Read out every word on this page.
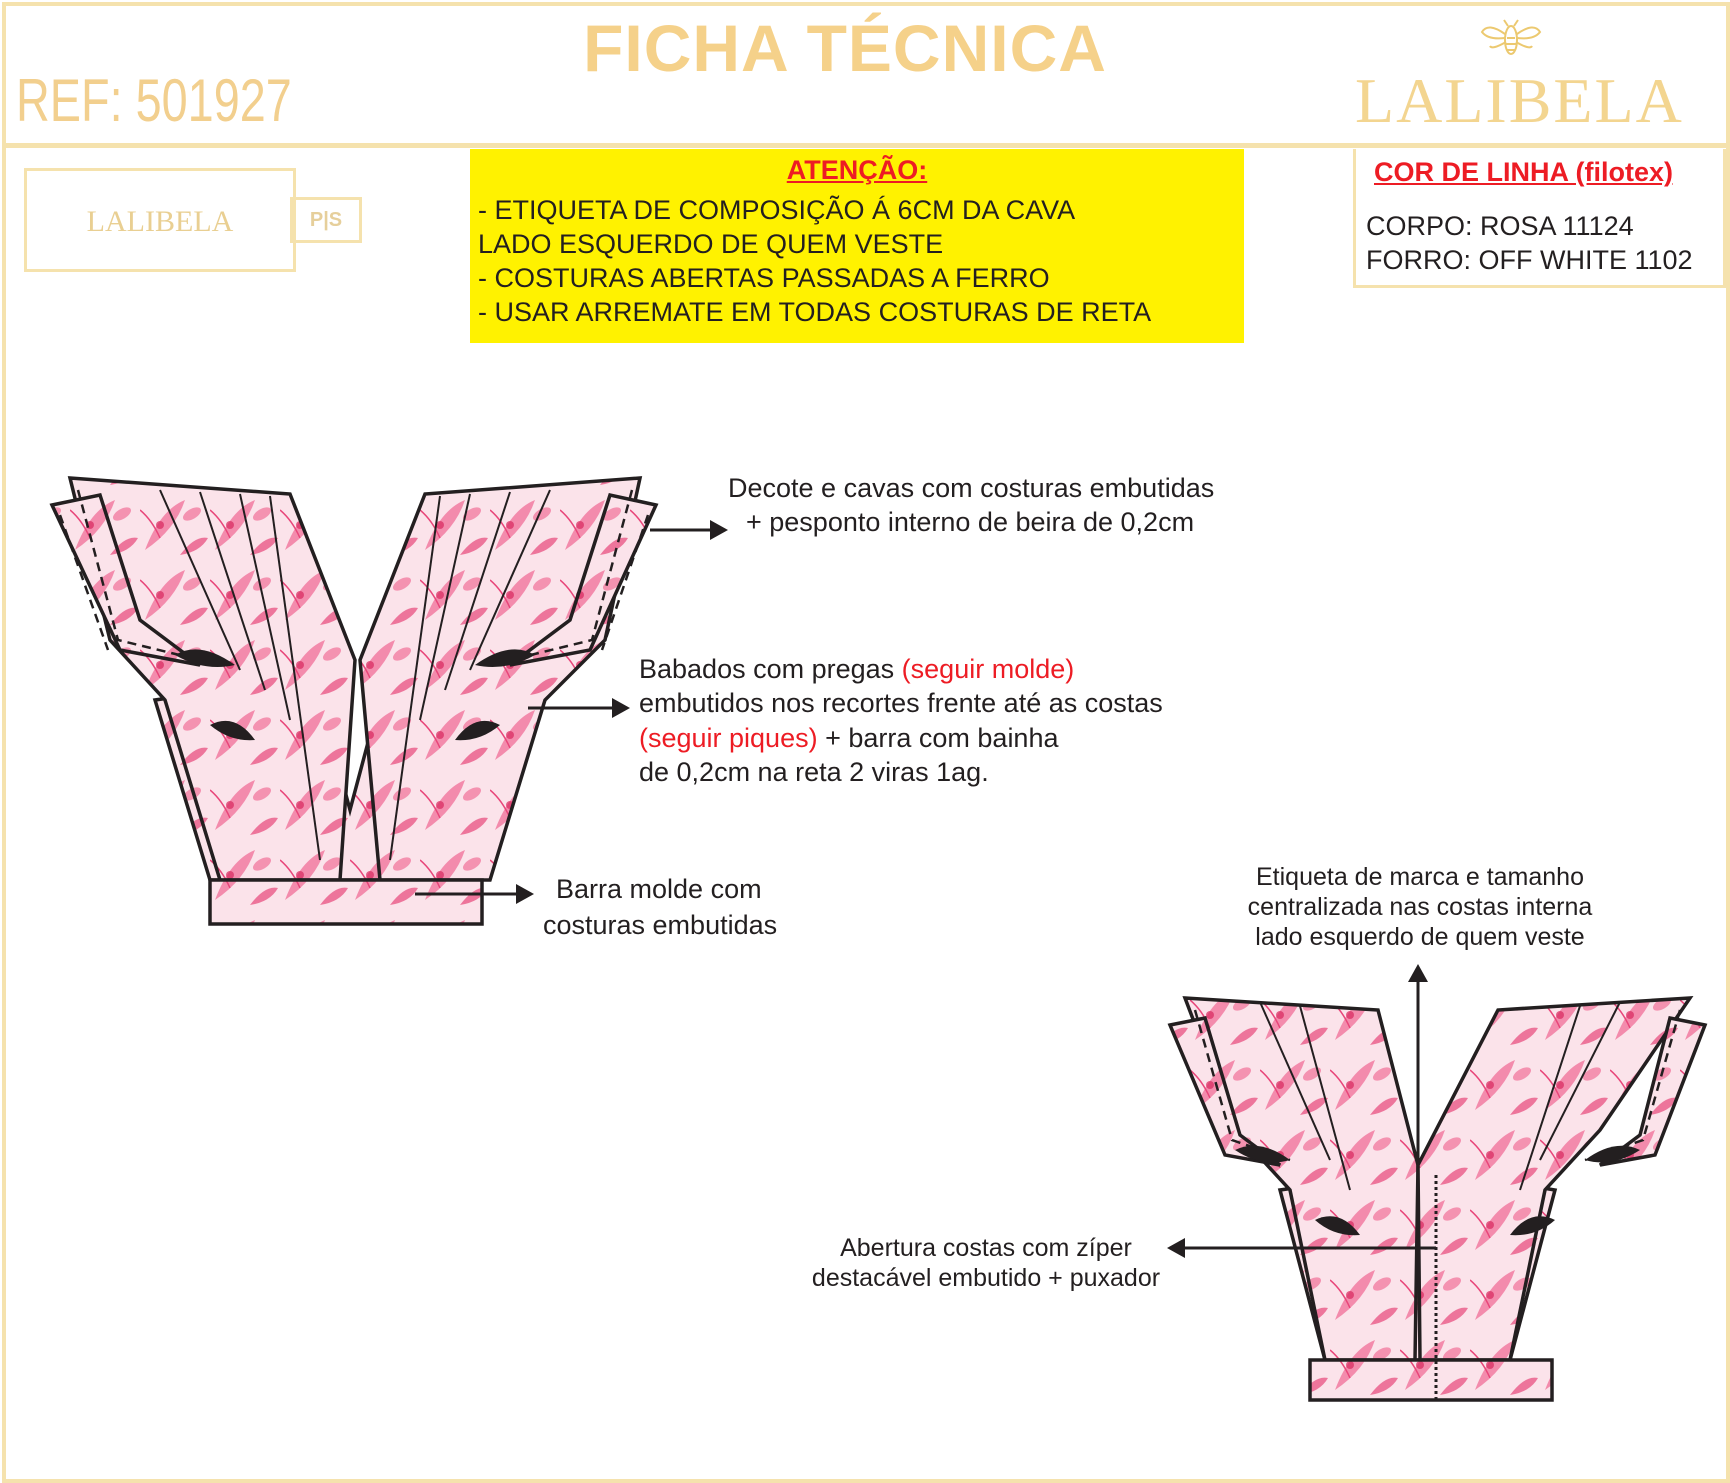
FICHA TÉCNICA
REF: 501927	LALIBELA
LALIBELA	P|S
ATENÇÃO:
- ETIQUETA DE COMPOSIÇÃO Á 6CM DA CAVA
LADO ESQUERDO DE QUEM VESTE
- COSTURAS ABERTAS PASSADAS A FERRO
- USAR ARREMATE EM TODAS COSTURAS DE RETA
COR DE LINHA (filotex)
CORPO: ROSA 11124
FORRO: OFF WHITE 1102
Decote e cavas com costuras embutidas
+ pesponto interno de beira de 0,2cm
Babados com pregas (seguir molde)
embutidos nos recortes frente até as costas
(seguir piques) + barra com bainha
de 0,2cm na reta 2 viras 1ag.
Barra molde com
costuras embutidas
Etiqueta de marca e tamanho
centralizada nas costas interna
lado esquerdo de quem veste
Abertura costas com zíper
destacável embutido + puxador
